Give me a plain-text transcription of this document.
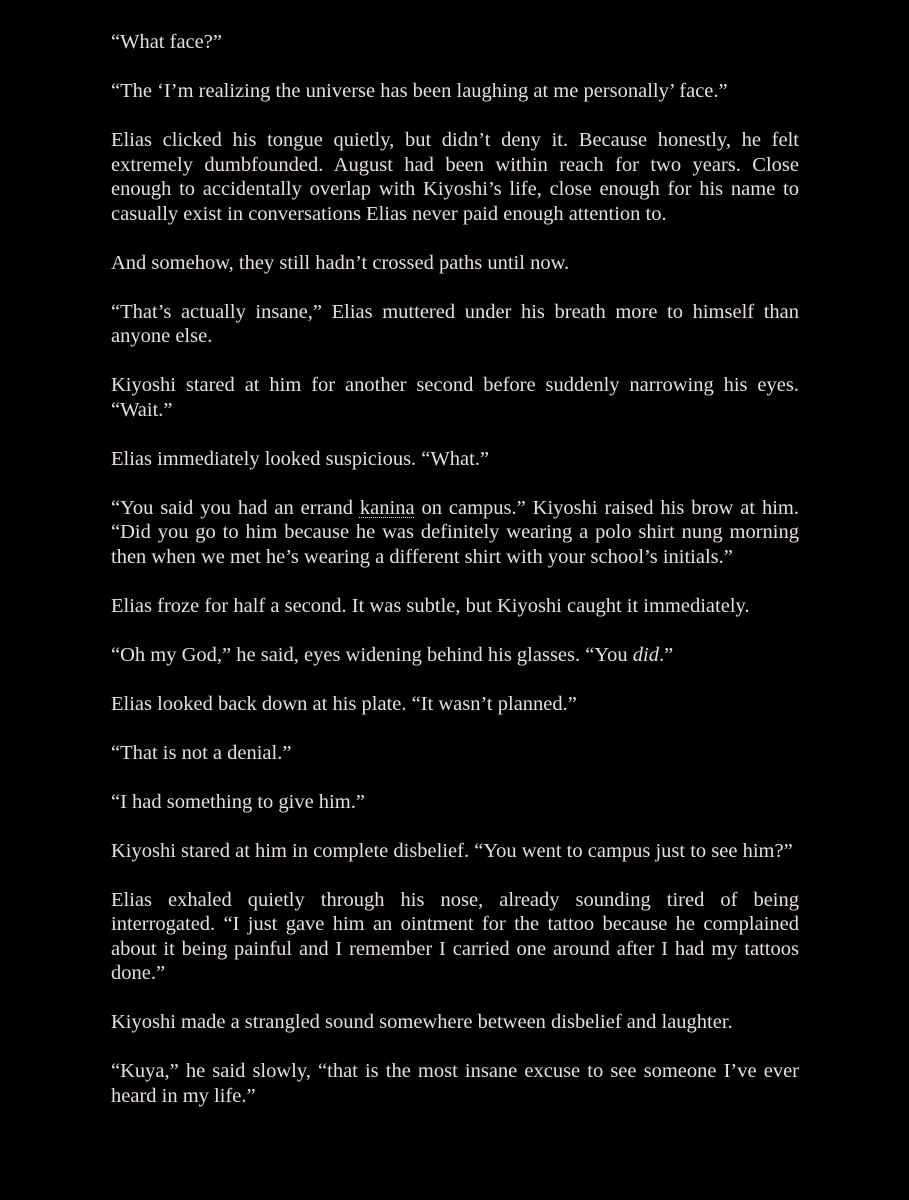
“What face?”

“The ‘I’m realizing the universe has been laughing at me personally’ face.”

Elias clicked his tongue quietly, but didn’t deny it. Because honestly, he felt extremely dumbfounded. August had been within reach for two years. Close enough to accidentally overlap with Kiyoshi’s life, close enough for his name to casually exist in conversations Elias never paid enough attention to.

And somehow, they still hadn’t crossed paths until now.

“That’s actually insane,” Elias muttered under his breath more to himself than anyone else.

Kiyoshi stared at him for another second before suddenly narrowing his eyes. “Wait.”

Elias immediately looked suspicious. “What.”

“You said you had an errand kanina on campus.” Kiyoshi raised his brow at him. “Did you go to him because he was definitely wearing a polo shirt nung morning then when we met he’s wearing a different shirt with your school’s initials.”

Elias froze for half a second. It was subtle, but Kiyoshi caught it immediately.

“Oh my God,” he said, eyes widening behind his glasses. “You did.”

Elias looked back down at his plate. “It wasn’t planned.”

“That is not a denial.”

“I had something to give him.”

Kiyoshi stared at him in complete disbelief. “You went to campus just to see him?”

Elias exhaled quietly through his nose, already sounding tired of being interrogated. “I just gave him an ointment for the tattoo because he complained about it being painful and I remember I carried one around after I had my tattoos done.”

Kiyoshi made a strangled sound somewhere between disbelief and laughter.

“Kuya,” he said slowly, “that is the most insane excuse to see someone I’ve ever heard in my life.”
